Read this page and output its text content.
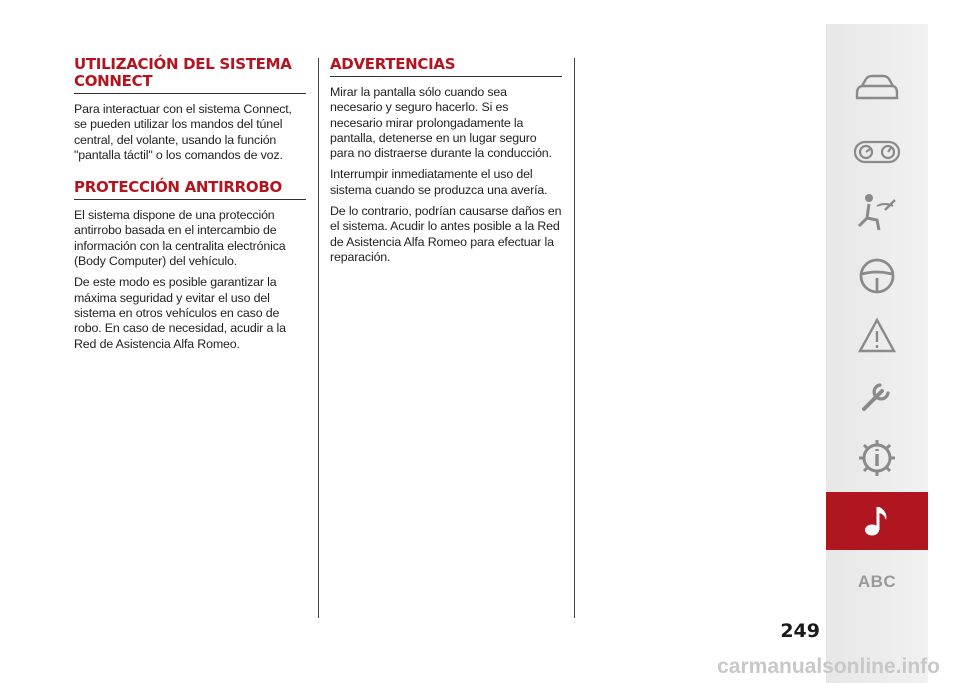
UTILIZACIÓN DEL SISTEMA CONNECT

Para interactuar con el sistema Connect, se pueden utilizar los mandos del túnel central, del volante, usando la función "pantalla táctil" o los comandos de voz.

PROTECCIÓN ANTIRROBO

El sistema dispone de una protección antirrobo basada en el intercambio de información con la centralita electrónica (Body Computer) del vehículo.

De este modo es posible garantizar la máxima seguridad y evitar el uso del sistema en otros vehículos en caso de robo. En caso de necesidad, acudir a la Red de Asistencia Alfa Romeo.

ADVERTENCIAS

Mirar la pantalla sólo cuando sea necesario y seguro hacerlo. Si es necesario mirar prolongadamente la pantalla, detenerse en un lugar seguro para no distraerse durante la conducción.

Interrumpir inmediatamente el uso del sistema cuando se produzca una avería.

De lo contrario, podrían causarse daños en el sistema. Acudir lo antes posible a la Red de Asistencia Alfa Romeo para efectuar la reparación.

ABC
249
carmanualsonline.info
